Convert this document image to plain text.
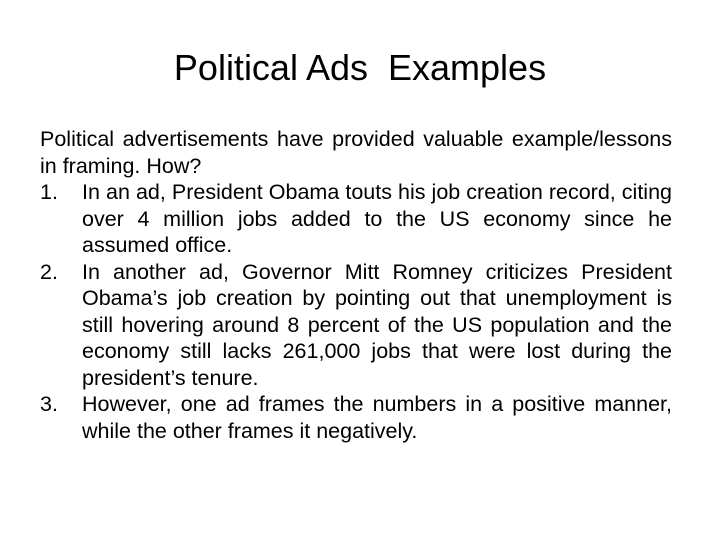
Political Ads  Examples

Political advertisements have provided valuable example/lessons in framing. How?

1. In an ad, President Obama touts his job creation record, citing over 4 million jobs added to the US economy since he assumed office.
2. In another ad, Governor Mitt Romney criticizes President Obama’s job creation by pointing out that unemployment is still hovering around 8 percent of the US population and the economy still lacks 261,000 jobs that were lost during the president’s tenure.
3. However, one ad frames the numbers in a positive manner, while the other frames it negatively.
